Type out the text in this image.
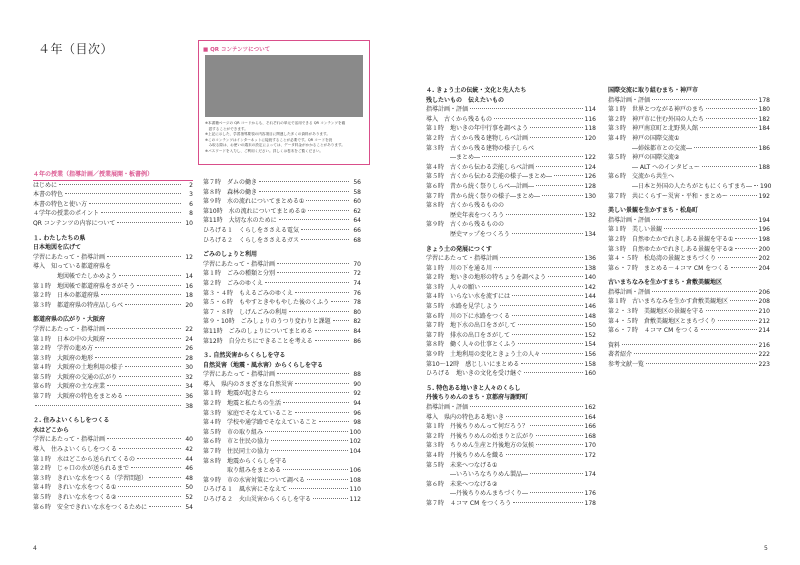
４年（目次）	■ QR コンテンツについて
※本書籍ページの QR コードからも、それぞれの単元で活用できる QR コンテンツを確
　認することができます。
※上記に示した、学習指導要領の内容項目に関連した多くの資料があります。
※このコンテンツはインターネットに接続することが必要です。QR コードを読
　み取る際は、お使いの端末の設定によっては、データ料金がかかることがあります。
※パスワードを入力し、ご利用ください。詳しくは巻末をご覧ください。
４年の授業（指導計画／授業展開・板書例）
はじめに	2
本書の特色	3
本書の特色と使い方	6
４学年の授業のポイント	8
QR コンテンツの内容について	10
１. わたしたちの県
日本地図を広げて
学習にあたって・指導計画	12
導入　知っている都道府県を
　　　　地図帳でたしかめよう	14
第１時　地図帳で都道府県をさがそう	16
第２時　日本の都道府県	18
第３時　都道府県の特産品しらべ	20
都道府県の広がり・大阪府
学習にあたって・指導計画	22
第１時　日本の中の大阪府	24
第２時　学習の進め方	26
第３時　大阪府の地形	28
第４時　大阪府の土地利用の様子	30
第５時　大阪府の交通の広がり	32
第６時　大阪府の主な産業	34
第７時　大阪府の特色をまとめる	36
38
２. 住みよいくらしをつくる
水はどこから
学習にあたって・指導計画	40
導入　住みよいくらしをつくる	42
第１時　水はどこから送られてくるの	44
第２時　じゃ口の水が送られるまで	46
第３時　きれいな水をつくる（学習問題）	48
第４時　きれいな水をつくる①	50
第５時　きれいな水をつくる②	52
第６時　安全できれいな水をつくるために	54
第７時　ダムの働き	56
第８時　森林の働き	58
第９時　水の流れについてまとめる①	60
第10時　水の流れについてまとめる②	62
第11時　大切な水のために	64
ひろげる１　くらしをささえる電気	66
ひろげる２　くらしをささえるガス	68
ごみのしょりと利用
学習にあたって・指導計画	70
第１時　ごみの種類と分別	72
第２時　ごみのゆくえ	74
第３・４時　もえるごみのゆくえ	76
第５・６時　もやすときやもやした後のくふう	78
第７・８時　しげんごみの利用	80
第９・10時　ごみしょりのうつり変わりと課題	82
第11時　ごみのしょりについてまとめる	84
第12時　自分たちにできることを考える	86
３. 自然災害からくらしを守る
自然災害（地震・風水害）からくらしを守る
学習にあたって・指導計画	88
導入　県内のさまざまな自然災害	90
第１時　地震が起きたら	92
第２時　地震と私たちの生活	94
第３時　家庭でそなえていること	96
第４時　学校や通学路でそなえていること	98
第５時　市の取り組み	100
第６時　市と住民の協力	102
第７時　住民同士の協力	104
第８時　地震からくらしを守る
　　　　取り組みをまとめる	106
第９時　市の水害対策について調べる	108
ひろげる１　風水害にそなえて	110
ひろげる２　火山災害からくらしを守る	112
４. きょう土の伝統・文化と先人たち
残したいもの　伝えたいもの
指導計画・評価	114
導入　古くから残るもの	116
第１時　地いきの年中行事を調べよう	118
第２時　古くから残る建物しらべ計画	120
第３時　古くから残る建物の様子しらべ
　　　　―まとめ―	122
第４時　古くから伝わる芸能しらべ計画	124
第５時　古くから伝わる芸能の様子―まとめ―	126
第６時　昔から続く祭りしらべ―計画―	128
第７時　昔から続く祭りの様子―まとめ―	130
第８時　古くから残るものの
　　　　歴史年表をつくろう	132
第９時　古くから残るものの
　　　　歴史マップをつくろう	134
きょう土の発展につくす
学習にあたって・指導計画	136
第１時　川の下を通る川	138
第２時　地いきの地形の特ちょうを調べよう	140
第３時　人々の願い	142
第４時　いらない水を流すには	144
第５時　水路を見学しよう	146
第６時　川の下に水路をつくる	148
第７時　地下水の出口をさがして	150
第７時　排水の出口をさがして	152
第８時　働く人々の仕事とくふう	154
第９時　土地利用の変化ときょう土の人々	156
第10～12時　感じしいにまとめる	158
ひろげる　地いきの文化を受け継ぐ	160
５. 特色ある地いきと人々のくらし
丹後ちりめんのまち・京都府与謝野町
指導計画・評価	162
導入　県内の特色ある地いき	164
第１時　丹後ちりめんって何だろう？	166
第２時　丹後ちりめんの始まりと広がり	168
第３時　ちりめん生産と丹後地方の気候	170
第４時　丹後ちりめんを織る	172
第５時　未来へつなげる①
　　　　―いろいろなちりめん製品―	174
第６時　未来へつなげる②
　　　　―丹後ちりめんまちづくり―	176
第７時　４コマ CM をつくろう	178
国際交流に取り組むまち・神戸市
指導計画・評価	178
第１時　世界とつながる神戸のまち	180
第２時　神戸市に住む外国の人たち	182
第３時　神戸南京町と北野異人館	184
第４時　神戸の国際交流①
　　　　―姉妹都市との交流―	186
第５時　神戸の国際交流②
　　　　― ALT へのインタビュー	188
第６時　交流から共生へ
　　　　―日本と外国の人たちがともにくらすまち― 190
第７時　共にくらすー災害・平和・まとめー	192
美しい景観を生かすまち・松島町
指導計画・評価	194
第１時　美しい景観	196
第２時　自然ゆたかでれきしある景観を守る①	198
第３時　自然ゆたかでれきしある景観を守る②	200
第４・５時　松島湾の景観とまちづくり	202
第６・７時　まとめる－４コマ CM をつくる	204
古いまちなみを生かすまち・倉敷美観地区
指導計画・評価	206
第１時　古いまちなみを生かす倉敷美観地区	208
第２・３時　美観地区の景観を守る	210
第４・５時　倉敷美観地区とまちづくり	212
第６・７時　４コマ CM をつくる	214
資料	216
著者紹介	222
参考文献一覧	223
4	5
